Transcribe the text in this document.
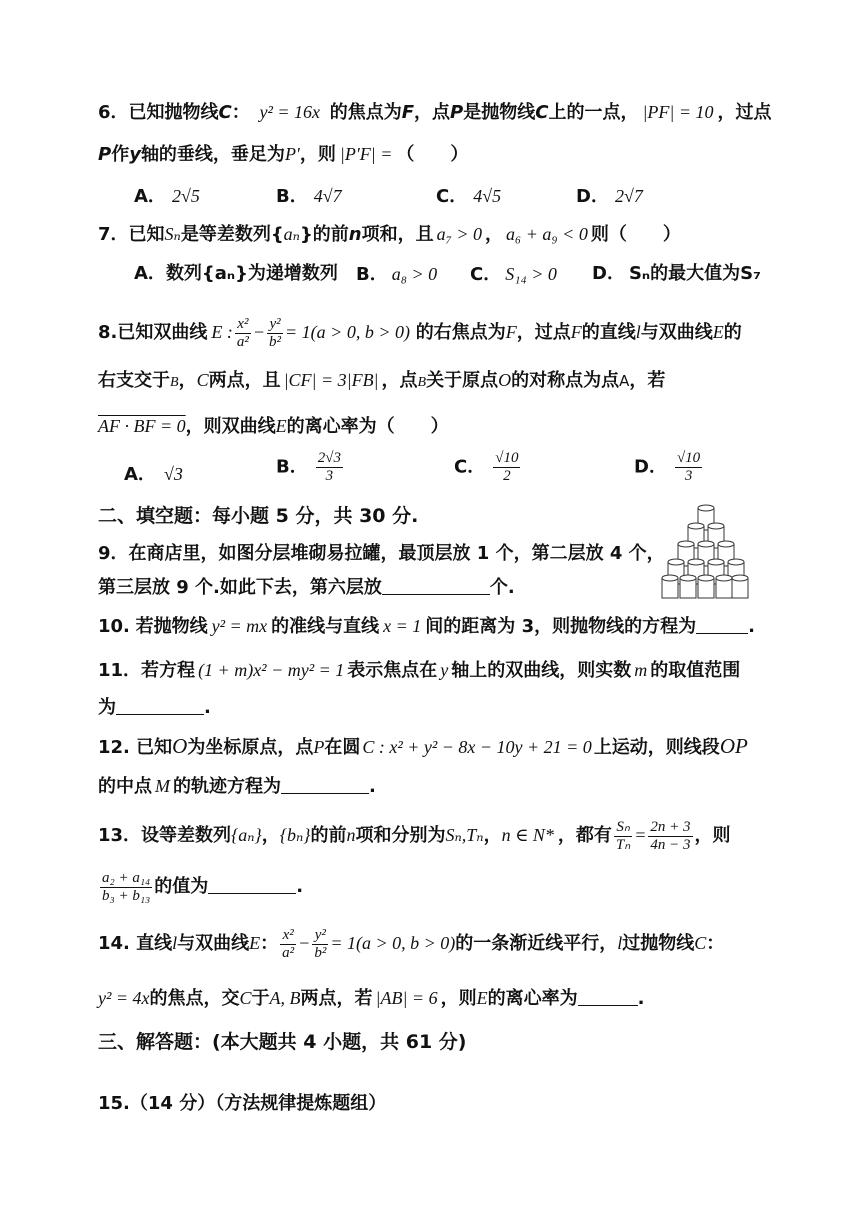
6．已知抛物线C： y² = 16x 的焦点为F，点P是抛物线C上的一点， |PF| = 10 ，过点
P作y轴的垂线，垂足为P′，则 |P′F| = （　　）
A． 2√5	B． 4√7	C． 4√5	D． 2√7
7．已知Sₙ是等差数列{aₙ}的前n项和，且 a₇ > 0 ， a₆ + a₉ < 0 则（　　）
A．数列{aₙ}为递增数列 B． a₈ > 0 C． S₁₄ > 0 D． Sₙ的最大值为S₇
8.已知双曲线 E : $\frac{\text{x²}}{\text{a²}} - \frac{\text{y²}}{\text{b²}} = 1(a > 0$, b > 0) 的右焦点为F，过点F的直线l与双曲线E的
右支交于B，C两点，且 |CF| = 3|FB| ，点B关于原点O的对称点为点A，若
AF · BF = 0，则双曲线E的离心率为（　　）
A． √3	B． $\frac{2√3}{3}$	C． $\frac{√10}{2}$	D． $\frac{√10}{3}$
二、填空题：每小题 5 分，共 30 分.
9．在商店里，如图分层堆砌易拉罐，最顶层放 1 个，第二层放 4 个，
第三层放 9 个.如此下去，第六层放	个.
10. 若抛物线 y² = mx 的准线与直线 x = 1 间的距离为 3，则抛物线的方程为	.
11．若方程 (1 + m)x² − my² = 1 表示焦点在 y 轴上的双曲线，则实数 m 的取值范围
为	.
12. 已知O为坐标原点，点P在圆 C : x² + y² − 8x − 10y + 21 = 0 上运动，则线段OP
的中点 M 的轨迹方程为	.
13．设等差数列{aₙ}，{bₙ}的前n项和分别为Sₙ,Tₙ，n ∈ N* ，都有 $\frac{\text{Sₙ}}{\text{Tₙ}} = \frac{2n + 3}{4n - 3}$ ，则
$\frac{\text{a₂ + a₁₄}}{\text{b₃ + b₁₃}}$ 的值为	.
14. 直线l与双曲线E： $\frac{\text{x²}}{\text{a²}} - \frac{\text{y²}}{\text{b²}} = 1(a > 0$, b > 0)的一条渐近线平行，l过抛物线C：
y² = 4x的焦点，交C于A, B两点，若 |AB| = 6 ，则E的离心率为	.
三、解答题：(本大题共 4 小题，共 61 分)
15.（14 分）（方法规律提炼题组）
